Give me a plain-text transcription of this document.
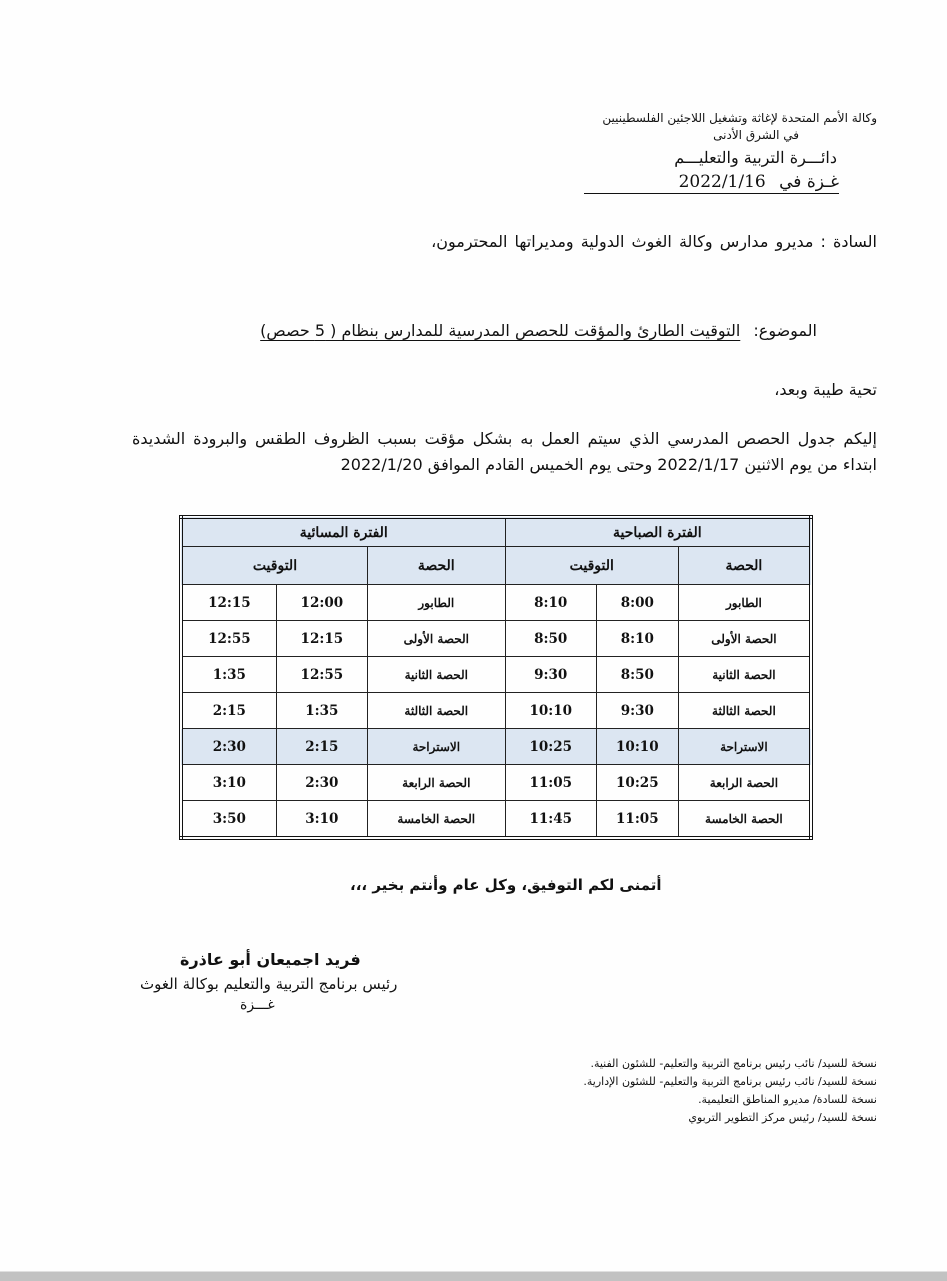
وكالة الأمم المتحدة لإغاثة وتشغيل اللاجئين الفلسطينيين
في الشرق الأدنى
دائـــرة التربية والتعليـــم
غـزة في 2022/1/16
السادة : مديرو مدارس وكالة الغوث الدولية ومديراتها المحترمون،
الموضوع: التوقيت الطارئ والمؤقت للحصص المدرسية للمدارس بنظام ( 5 حصص)
تحية طيبة وبعد،
إليكم جدول الحصص المدرسي الذي سيتم العمل به بشكل مؤقت بسبب الظروف الطقس والبرودة الشديدة
ابتداء من يوم الاثنين 2022/1/17 وحتى يوم الخميس القادم الموافق 2022/1/20
الفترة الصباحية			الفترة المسائية		
الحصة	التوقيت		الحصة	التوقيت	
الطابور	8:00	8:10	الطابور	12:00	12:15
الحصة الأولى	8:10	8:50	الحصة الأولى	12:15	12:55
الحصة الثانية	8:50	9:30	الحصة الثانية	12:55	1:35
الحصة الثالثة	9:30	10:10	الحصة الثالثة	1:35	2:15
الاستراحة	10:10	10:25	الاستراحة	2:15	2:30
الحصة الرابعة	10:25	11:05	الحصة الرابعة	2:30	3:10
الحصة الخامسة	11:05	11:45	الحصة الخامسة	3:10	3:50
أتمنى لكم التوفيق، وكل عام وأنتم بخير ،،،
فريد اجميعان أبو عاذرة
رئيس برنامج التربية والتعليم بوكالة الغوث
غـــزة
نسخة للسيد/ نائب رئيس برنامج التربية والتعليم- للشئون الفنية.
نسخة للسيد/ نائب رئيس برنامج التربية والتعليم- للشئون الإدارية.
نسخة للسادة/ مديرو المناطق التعليمية.
نسخة للسيد/ رئيس مركز التطوير التربوي
